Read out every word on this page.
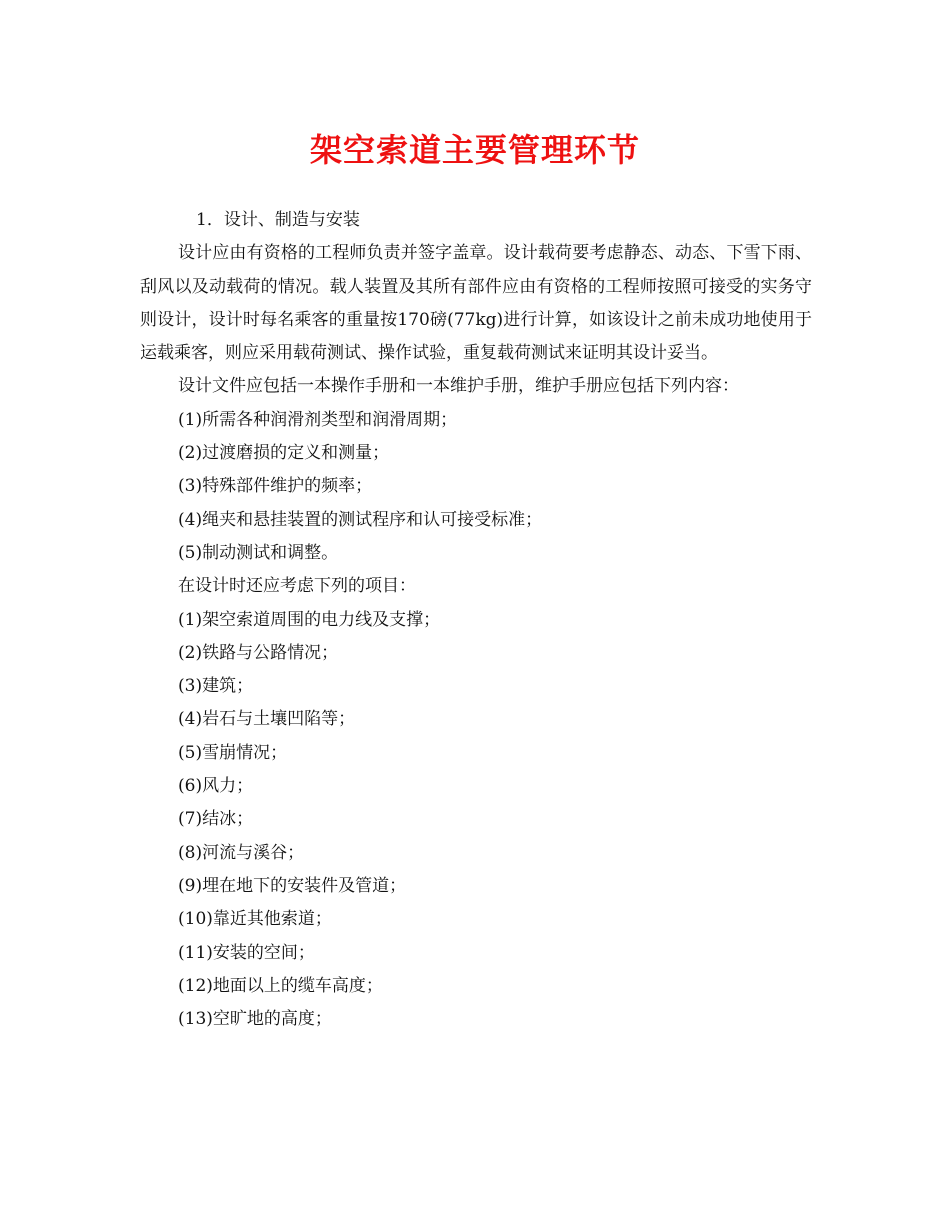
架空索道主要管理环节

1．设计、制造与安装

设计应由有资格的工程师负责并签字盖章。设计载荷要考虑静态、动态、下雪下雨、刮风以及动载荷的情况。载人装置及其所有部件应由有资格的工程师按照可接受的实务守则设计，设计时每名乘客的重量按170磅(77kg)进行计算，如该设计之前未成功地使用于运载乘客，则应采用载荷测试、操作试验，重复载荷测试来证明其设计妥当。

设计文件应包括一本操作手册和一本维护手册，维护手册应包括下列内容：

(1)所需各种润滑剂类型和润滑周期；

(2)过渡磨损的定义和测量；

(3)特殊部件维护的频率；

(4)绳夹和悬挂装置的测试程序和认可接受标准；

(5)制动测试和调整。

在设计时还应考虑下列的项目：

(1)架空索道周围的电力线及支撑；

(2)铁路与公路情况；

(3)建筑；

(4)岩石与土壤凹陷等；

(5)雪崩情况；

(6)风力；

(7)结冰；

(8)河流与溪谷；

(9)埋在地下的安装件及管道；

(10)靠近其他索道；

(11)安装的空间；

(12)地面以上的缆车高度；

(13)空旷地的高度；
